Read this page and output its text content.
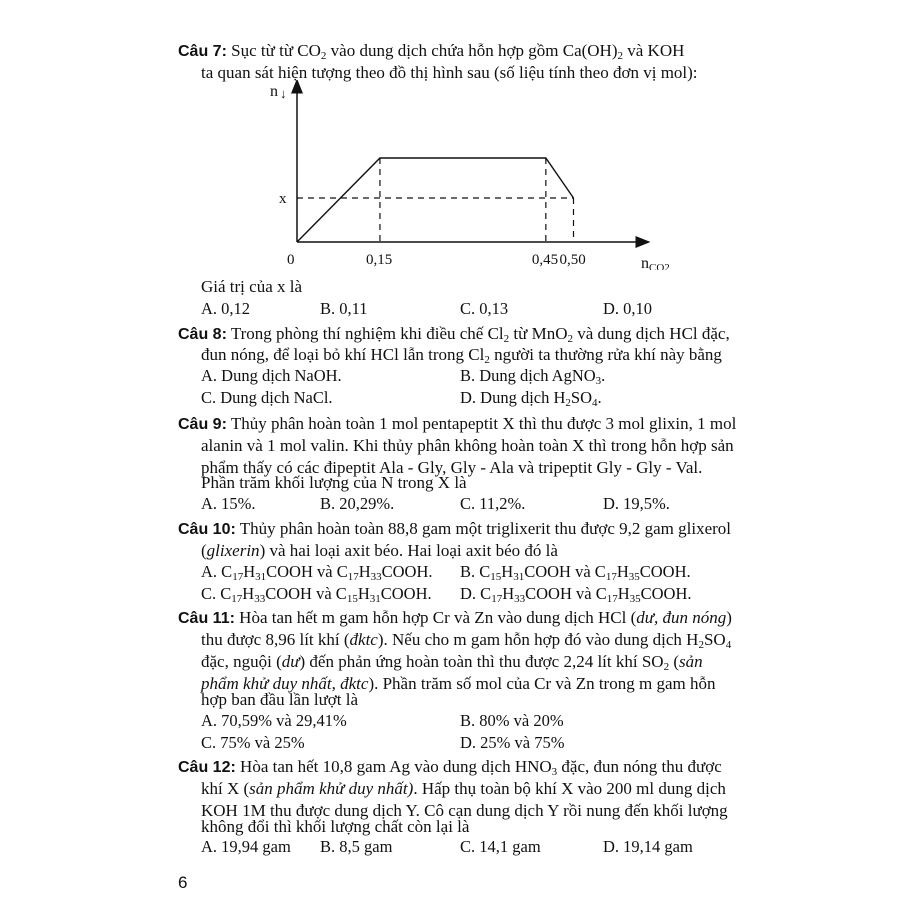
Câu 7: Sục từ từ $CO_2$ vào dung dịch chứa hỗn hợp gồm $Ca(OH)_2$ và KOH
ta quan sát hiện tượng theo đồ thị hình sau (số liệu tính theo đơn vị mol):
n ↓
x
0	0,15	0,45 0,50	nCO2
Giá trị của x là
A. 0,12	B. 0,11	C. 0,13	D. 0,10
Câu 8: Trong phòng thí nghiệm khi điều chế $Cl_2$ từ MnO$_2$ và dung dịch HCl đặc,
đun nóng, để loại bỏ khí HCl lẫn trong $Cl_2$ người ta thường rửa khí này bằng
A. Dung dịch NaOH.	B. Dung dịch AgNO$_3$.
C. Dung dịch NaCl.	D. Dung dịch $H_2SO_4$.
Câu 9: Thủy phân hoàn toàn 1 mol pentapeptit X thì thu được 3 mol glixin, 1 mol
alanin và 1 mol valin. Khi thủy phân không hoàn toàn X thì trong hỗn hợp sản
phẩm thấy có các đipeptit Ala - Gly, Gly - Ala và tripeptit Gly - Gly - Val.
Phần trăm khối lượng của N trong X là
A. 15%.	B. 20,29%.	C. 11,2%.	D. 19,5%.
Câu 10: Thủy phân hoàn toàn 88,8 gam một triglixerit thu được 9,2 gam glixerol
(glixerin) và hai loại axit béo. Hai loại axit béo đó là
A. $C_{17}H_{31}COOH$ và $C_{17}H_{33}COOH$. B. $C_{15}H_{31}COOH$ và $C_{17}H_{35}COOH$.
C. $C_{17}H_{33}COOH$ và $C_{15}H_{31}COOH$. D. $C_{17}H_{33}COOH$ và $C_{17}H_{35}COOH$.
Câu 11: Hòa tan hết m gam hỗn hợp Cr và Zn vào dung dịch HCl (dư, đun nóng)
thu được 8,96 lít khí (đktc). Nếu cho m gam hỗn hợp đó vào dung dịch $H_2SO_4$
đặc, nguội (dư) đến phản ứng hoàn toàn thì thu được 2,24 lít khí $SO_2$ (sản
phẩm khử duy nhất, đktc). Phần trăm số mol của Cr và Zn trong m gam hỗn
hợp ban đầu lần lượt là
A. 70,59% và 29,41%	B. 80% và 20%
C. 75% và 25%	D. 25% và 75%
Câu 12: Hòa tan hết 10,8 gam Ag vào dung dịch $HNO_3$ đặc, đun nóng thu được
khí X (sản phẩm khử duy nhất). Hấp thụ toàn bộ khí X vào 200 ml dung dịch
KOH 1M thu được dung dịch Y. Cô cạn dung dịch Y rồi nung đến khối lượng
không đổi thì khối lượng chất còn lại là
A. 19,94 gam B. 8,5 gam	C. 14,1 gam	D. 19,14 gam
6
